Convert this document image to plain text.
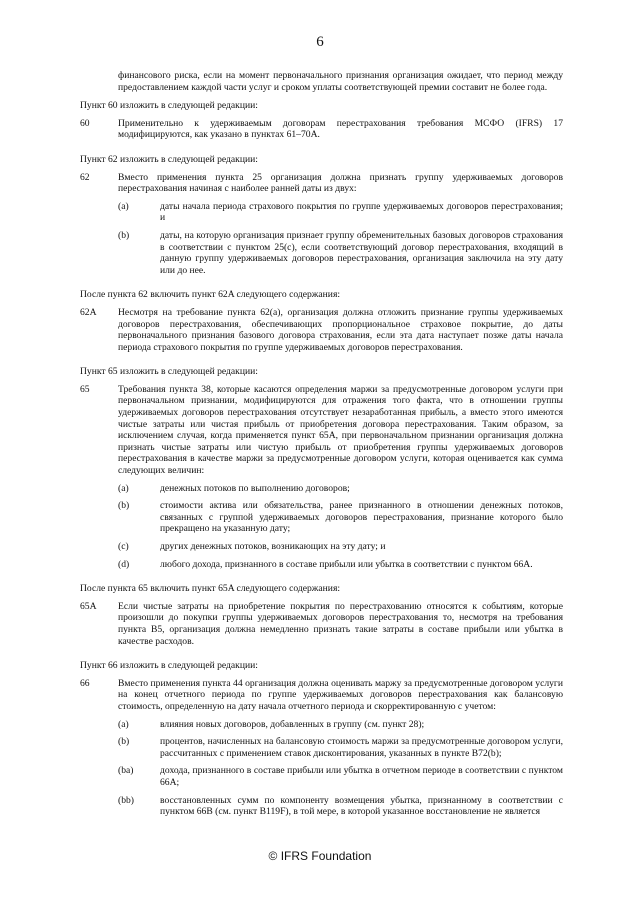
6
финансового риска, если на момент первоначального признания организация ожидает, что период между предоставлением каждой части услуг и сроком уплаты соответствующей премии составит не более года.
Пункт 60 изложить в следующей редакции:
60	Применительно к удерживаемым договорам перестрахования требования МСФО (IFRS) 17 модифицируются, как указано в пунктах 61–70A.
Пункт 62 изложить в следующей редакции:
62	Вместо применения пункта 25 организация должна признать группу удерживаемых договоров перестрахования начиная с наиболее ранней даты из двух:
(a)	даты начала периода страхового покрытия по группе удерживаемых договоров перестрахования; и
(b)	даты, на которую организация признает группу обременительных базовых договоров страхования в соответствии с пунктом 25(c), если соответствующий договор перестрахования, входящий в данную группу удерживаемых договоров перестрахования, организация заключила на эту дату или до нее.
После пункта 62 включить пункт 62A следующего содержания:
62A	Несмотря на требование пункта 62(a), организация должна отложить признание группы удерживаемых договоров перестрахования, обеспечивающих пропорциональное страховое покрытие, до даты первоначального признания базового договора страхования, если эта дата наступает позже даты начала периода страхового покрытия по группе удерживаемых договоров перестрахования.
Пункт 65 изложить в следующей редакции:
65	Требования пункта 38, которые касаются определения маржи за предусмотренные договором услуги при первоначальном признании, модифицируются для отражения того факта, что в отношении группы удерживаемых договоров перестрахования отсутствует незаработанная прибыль, а вместо этого имеются чистые затраты или чистая прибыль от приобретения договора перестрахования. Таким образом, за исключением случая, когда применяется пункт 65A, при первоначальном признании организация должна признать чистые затраты или чистую прибыль от приобретения группы удерживаемых договоров перестрахования в качестве маржи за предусмотренные договором услуги, которая оценивается как сумма следующих величин:
(a)	денежных потоков по выполнению договоров;
(b)	стоимости актива или обязательства, ранее признанного в отношении денежных потоков, связанных с группой удерживаемых договоров перестрахования, признание которого было прекращено на указанную дату;
(c)	других денежных потоков, возникающих на эту дату; и
(d)	любого дохода, признанного в составе прибыли или убытка в соответствии с пунктом 66A.
После пункта 65 включить пункт 65A следующего содержания:
65A	Если чистые затраты на приобретение покрытия по перестрахованию относятся к событиям, которые произошли до покупки группы удерживаемых договоров перестрахования то, несмотря на требования пункта B5, организация должна немедленно признать такие затраты в составе прибыли или убытка в качестве расходов.
Пункт 66 изложить в следующей редакции:
66	Вместо применения пункта 44 организация должна оценивать маржу за предусмотренные договором услуги на конец отчетного периода по группе удерживаемых договоров перестрахования как балансовую стоимость, определенную на дату начала отчетного периода и скорректированную с учетом:
(a)	влияния новых договоров, добавленных в группу (см. пункт 28);
(b)	процентов, начисленных на балансовую стоимость маржи за предусмотренные договором услуги, рассчитанных с применением ставок дисконтирования, указанных в пункте B72(b);
(ba)	дохода, признанного в составе прибыли или убытка в отчетном периоде в соответствии с пунктом 66A;
(bb)	восстановленных сумм по компоненту возмещения убытка, признанному в соответствии с пунктом 66B (см. пункт B119F), в той мере, в которой указанное восстановление не является
© IFRS Foundation
